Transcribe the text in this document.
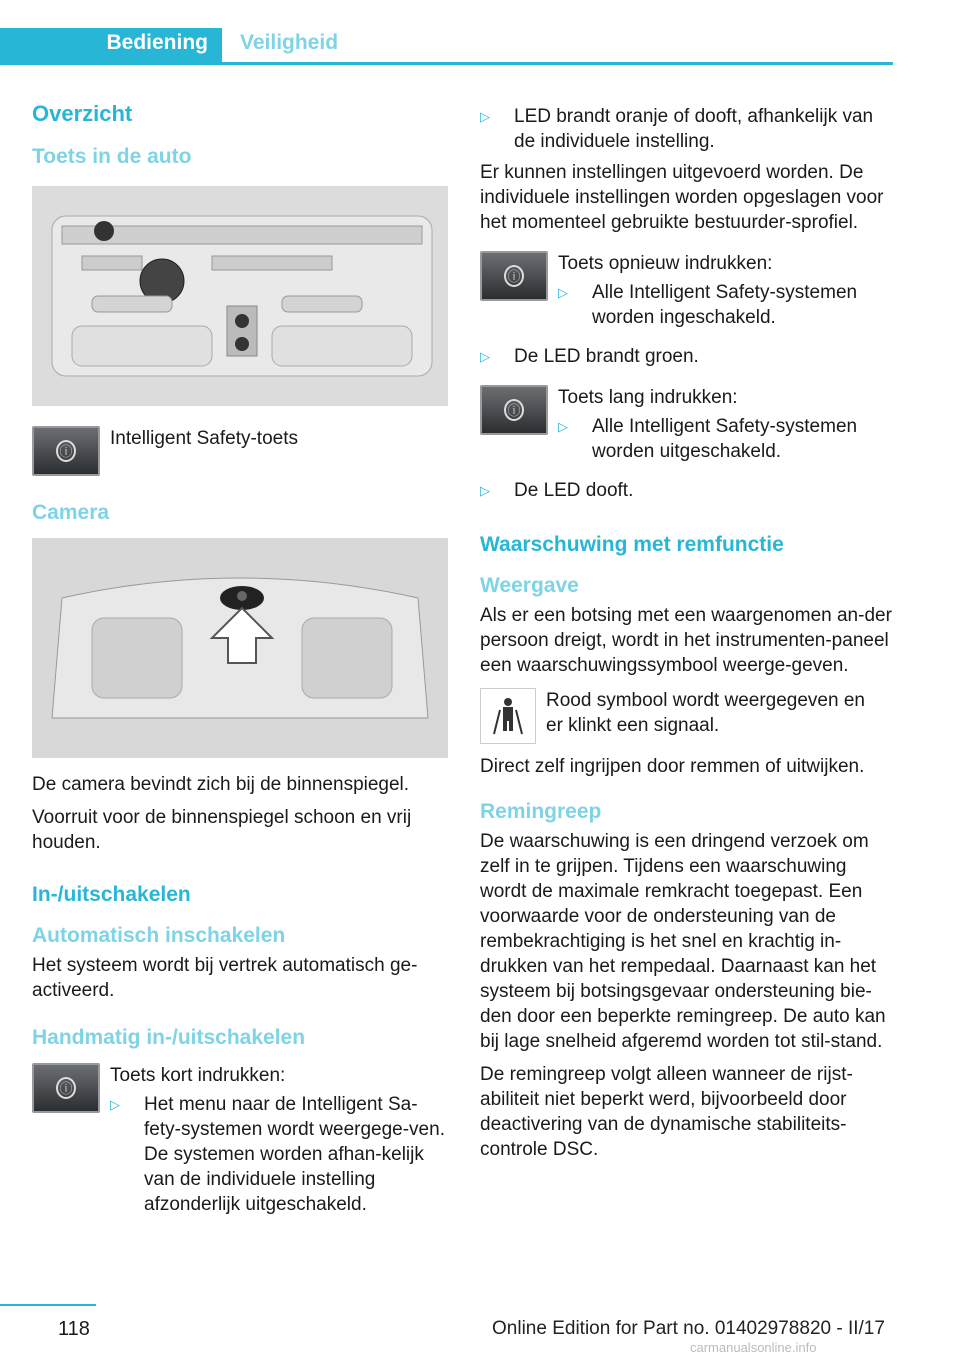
Bediening	Veiligheid
Overzicht
Toets in de auto
ⓘ
Intelligent Safety-toets
Camera

De camera bevindt zich bij de binnenspiegel.

Voorruit voor de binnenspiegel schoon en vrij houden.

In-/uitschakelen
Automatisch inschakelen

Het systeem wordt bij vertrek automatisch ge-activeerd.

Handmatig in-/uitschakelen
ⓘ
Toets kort indrukken:
▷	Het menu naar de Intelligent Sa-fety-systemen wordt weergege-ven. De systemen worden afhan-kelijk van de individuele instelling afzonderlijk uitgeschakeld.
▷	LED brandt oranje of dooft, afhankelijk van de individuele instelling.

Er kunnen instellingen uitgevoerd worden. De individuele instellingen worden opgeslagen voor het momenteel gebruikte bestuurder-sprofiel.

ⓘ
Toets opnieuw indrukken:
▷	Alle Intelligent Safety-systemen worden ingeschakeld.
▷	De LED brandt groen.
ⓘ
Toets lang indrukken:
▷	Alle Intelligent Safety-systemen worden uitgeschakeld.
▷	De LED dooft.
Waarschuwing met remfunctie
Weergave

Als er een botsing met een waargenomen an-der persoon dreigt, wordt in het instrumenten-paneel een waarschuwingssymbool weerge-geven.

Rood symbool wordt weergegeven en er klinkt een signaal.

Direct zelf ingrijpen door remmen of uitwijken.

Remingreep

De waarschuwing is een dringend verzoek om zelf in te grijpen. Tijdens een waarschuwing wordt de maximale remkracht toegepast. Een voorwaarde voor de ondersteuning van de rembekrachtiging is het snel en krachtig in-drukken van het rempedaal. Daarnaast kan het systeem bij botsingsgevaar ondersteuning bie-den door een beperkte remingreep. De auto kan bij lage snelheid afgeremd worden tot stil-stand.

De remingreep volgt alleen wanneer de rijst-abiliteit niet beperkt werd, bijvoorbeeld door deactivering van de dynamische stabiliteits-controle DSC.

118	Online Edition for Part no. 01402978820 - II/17
carmanualsonline.info
